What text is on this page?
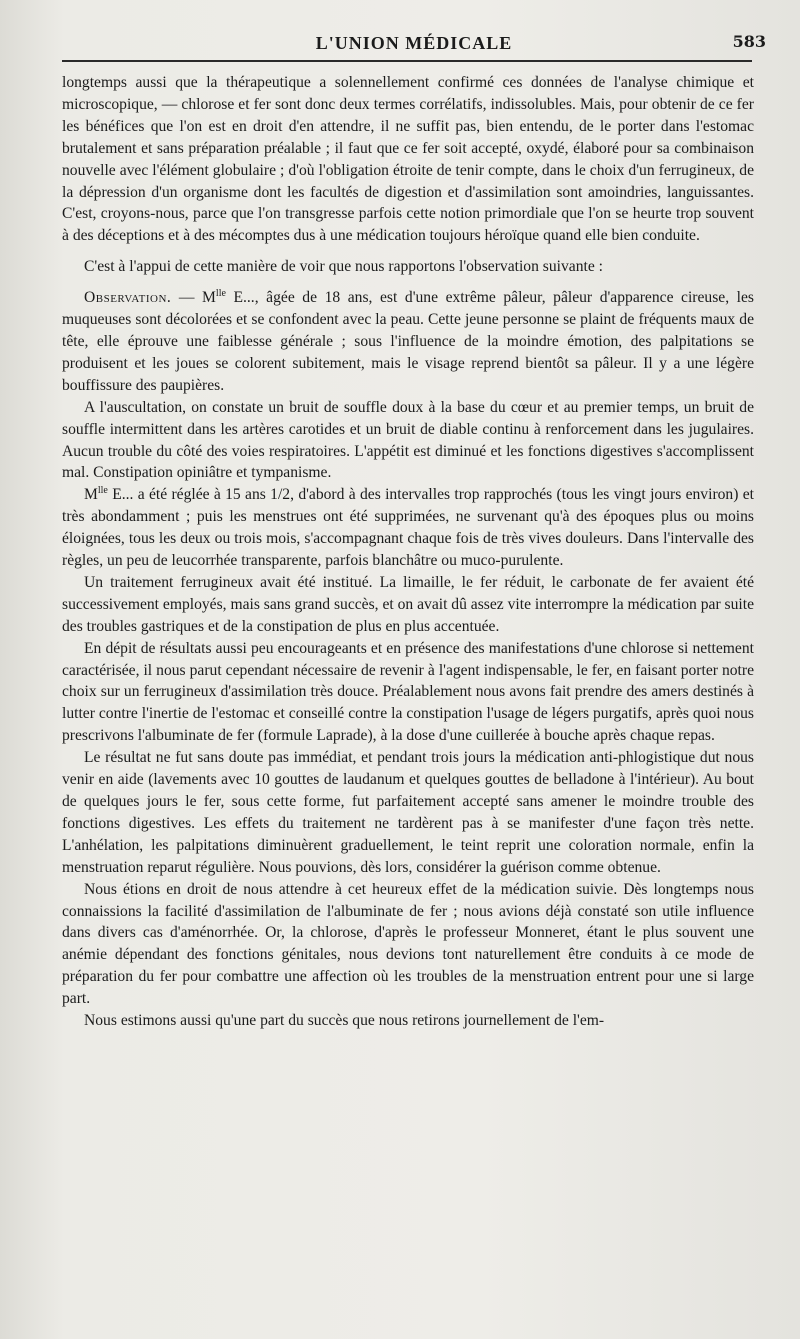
L'UNION MÉDICALE	583

longtemps aussi que la thérapeutique a solennellement confirmé ces données de l'analyse chimique et microscopique, — chlorose et fer sont donc deux termes corrélatifs, indissolubles. Mais, pour obtenir de ce fer les bénéfices que l'on est en droit d'en attendre, il ne suffit pas, bien entendu, de le porter dans l'estomac brutalement et sans préparation préalable ; il faut que ce fer soit accepté, oxydé, élaboré pour sa combinaison nouvelle avec l'élément globulaire ; d'où l'obligation étroite de tenir compte, dans le choix d'un ferrugineux, de la dépression d'un organisme dont les facultés de digestion et d'assimilation sont amoindries, languissantes. C'est, croyons-nous, parce que l'on transgresse parfois cette notion primordiale que l'on se heurte trop souvent à des déceptions et à des mécomptes dus à une médication toujours héroïque quand elle bien conduite.

C'est à l'appui de cette manière de voir que nous rapportons l'observation suivante :

Observation. — $M^{lle}$ E..., âgée de 18 ans, est d'une extrême pâleur, pâleur d'apparence cireuse, les muqueuses sont décolorées et se confondent avec la peau. Cette jeune personne se plaint de fréquents maux de tête, elle éprouve une faiblesse générale ; sous l'influence de la moindre émotion, des palpitations se produisent et les joues se colorent subitement, mais le visage reprend bientôt sa pâleur. Il y a une légère bouffissure des paupières.

A l'auscultation, on constate un bruit de souffle doux à la base du cœur et au premier temps, un bruit de souffle intermittent dans les artères carotides et un bruit de diable continu à renforcement dans les jugulaires. Aucun trouble du côté des voies respiratoires. L'appétit est diminué et les fonctions digestives s'accomplissent mal. Constipation opiniâtre et tympanisme.

$M^{lle}$ E... a été réglée à 15 ans 1/2, d'abord à des intervalles trop rapprochés (tous les vingt jours environ) et très abondamment ; puis les menstrues ont été supprimées, ne survenant qu'à des époques plus ou moins éloignées, tous les deux ou trois mois, s'accompagnant chaque fois de très vives douleurs. Dans l'intervalle des règles, un peu de leucorrhée transparente, parfois blanchâtre ou muco-purulente.

Un traitement ferrugineux avait été institué. La limaille, le fer réduit, le carbonate de fer avaient été successivement employés, mais sans grand succès, et on avait dû assez vite interrompre la médication par suite des troubles gastriques et de la constipation de plus en plus accentuée.

En dépit de résultats aussi peu encourageants et en présence des manifestations d'une chlorose si nettement caractérisée, il nous parut cependant nécessaire de revenir à l'agent indispensable, le fer, en faisant porter notre choix sur un ferrugineux d'assimilation très douce. Préalablement nous avons fait prendre des amers destinés à lutter contre l'inertie de l'estomac et conseillé contre la constipation l'usage de légers purgatifs, après quoi nous prescrivons l'albuminate de fer (formule Laprade), à la dose d'une cuillerée à bouche après chaque repas.

Le résultat ne fut sans doute pas immédiat, et pendant trois jours la médication anti-phlogistique dut nous venir en aide (lavements avec 10 gouttes de laudanum et quelques gouttes de belladone à l'intérieur). Au bout de quelques jours le fer, sous cette forme, fut parfaitement accepté sans amener le moindre trouble des fonctions digestives. Les effets du traitement ne tardèrent pas à se manifester d'une façon très nette. L'anhélation, les palpitations diminuèrent graduellement, le teint reprit une coloration normale, enfin la menstruation reparut régulière. Nous pouvions, dès lors, considérer la guérison comme obtenue.

Nous étions en droit de nous attendre à cet heureux effet de la médication suivie. Dès longtemps nous connaissions la facilité d'assimilation de l'albuminate de fer ; nous avions déjà constaté son utile influence dans divers cas d'aménorrhée. Or, la chlorose, d'après le professeur Monneret, étant le plus souvent une anémie dépendant des fonctions génitales, nous devions tont naturellement être conduits à ce mode de préparation du fer pour combattre une affection où les troubles de la menstruation entrent pour une si large part.

Nous estimons aussi qu'une part du succès que nous retirons journellement de l'em-
